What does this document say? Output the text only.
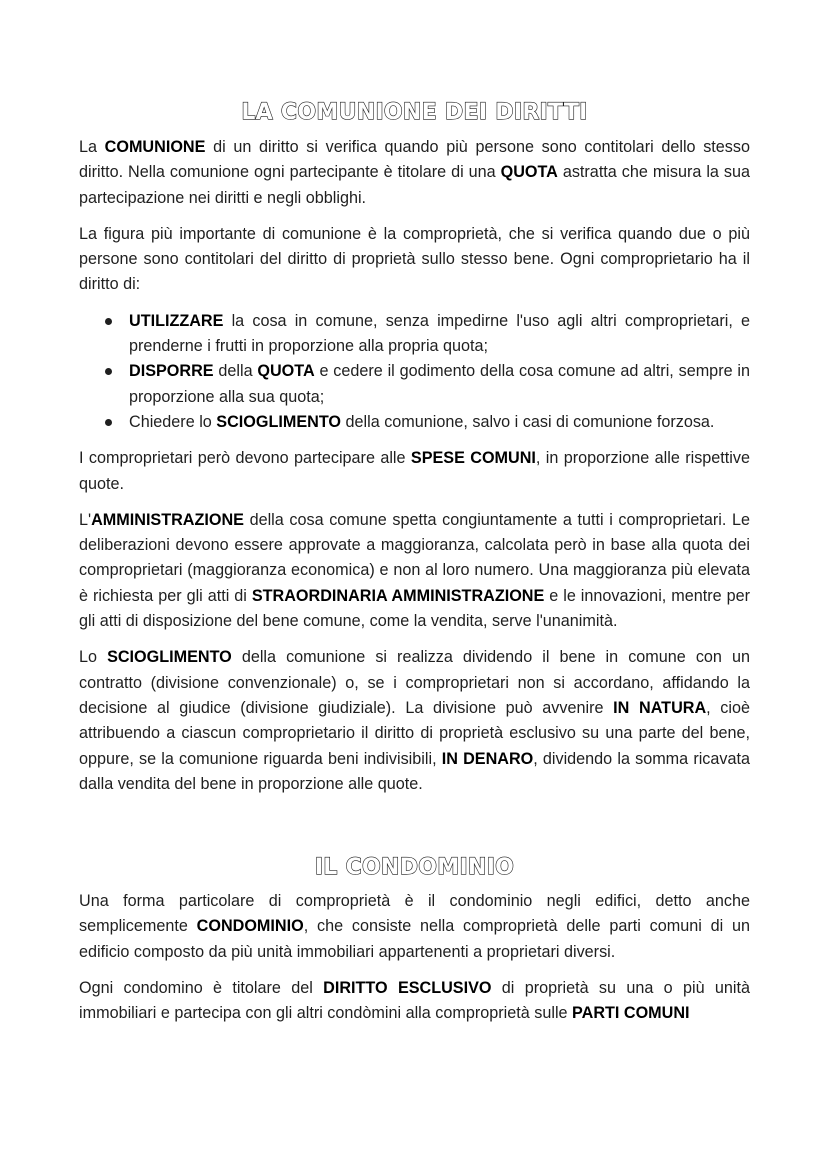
LA COMUNIONE DEI DIRITTI

La COMUNIONE di un diritto si verifica quando più persone sono contitolari dello stesso diritto. Nella comunione ogni partecipante è titolare di una QUOTA astratta che misura la sua partecipazione nei diritti e negli obblighi.

La figura più importante di comunione è la comproprietà, che si verifica quando due o più persone sono contitolari del diritto di proprietà sullo stesso bene. Ogni comproprietario ha il diritto di:

UTILIZZARE la cosa in comune, senza impedirne l'uso agli altri comproprietari, e prenderne i frutti in proporzione alla propria quota;
DISPORRE della QUOTA e cedere il godimento della cosa comune ad altri, sempre in proporzione alla sua quota;
Chiedere lo SCIOGLIMENTO della comunione, salvo i casi di comunione forzosa.

I comproprietari però devono partecipare alle SPESE COMUNI, in proporzione alle rispettive quote.

L'AMMINISTRAZIONE della cosa comune spetta congiuntamente a tutti i comproprietari. Le deliberazioni devono essere approvate a maggioranza, calcolata però in base alla quota dei comproprietari (maggioranza economica) e non al loro numero. Una maggioranza più elevata è richiesta per gli atti di STRAORDINARIA AMMINISTRAZIONE e le innovazioni, mentre per gli atti di disposizione del bene comune, come la vendita, serve l'unanimità.

Lo SCIOGLIMENTO della comunione si realizza dividendo il bene in comune con un contratto (divisione convenzionale) o, se i comproprietari non si accordano, affidando la decisione al giudice (divisione giudiziale). La divisione può avvenire IN NATURA, cioè attribuendo a ciascun comproprietario il diritto di proprietà esclusivo su una parte del bene, oppure, se la comunione riguarda beni indivisibili, IN DENARO, dividendo la somma ricavata dalla vendita del bene in proporzione alle quote.

IL CONDOMINIO

Una forma particolare di comproprietà è il condominio negli edifici, detto anche semplicemente CONDOMINIO, che consiste nella comproprietà delle parti comuni di un edificio composto da più unità immobiliari appartenenti a proprietari diversi.

Ogni condomino è titolare del DIRITTO ESCLUSIVO di proprietà su una o più unità immobiliari e partecipa con gli altri condòmini alla comproprietà sulle PARTI COMUNI
